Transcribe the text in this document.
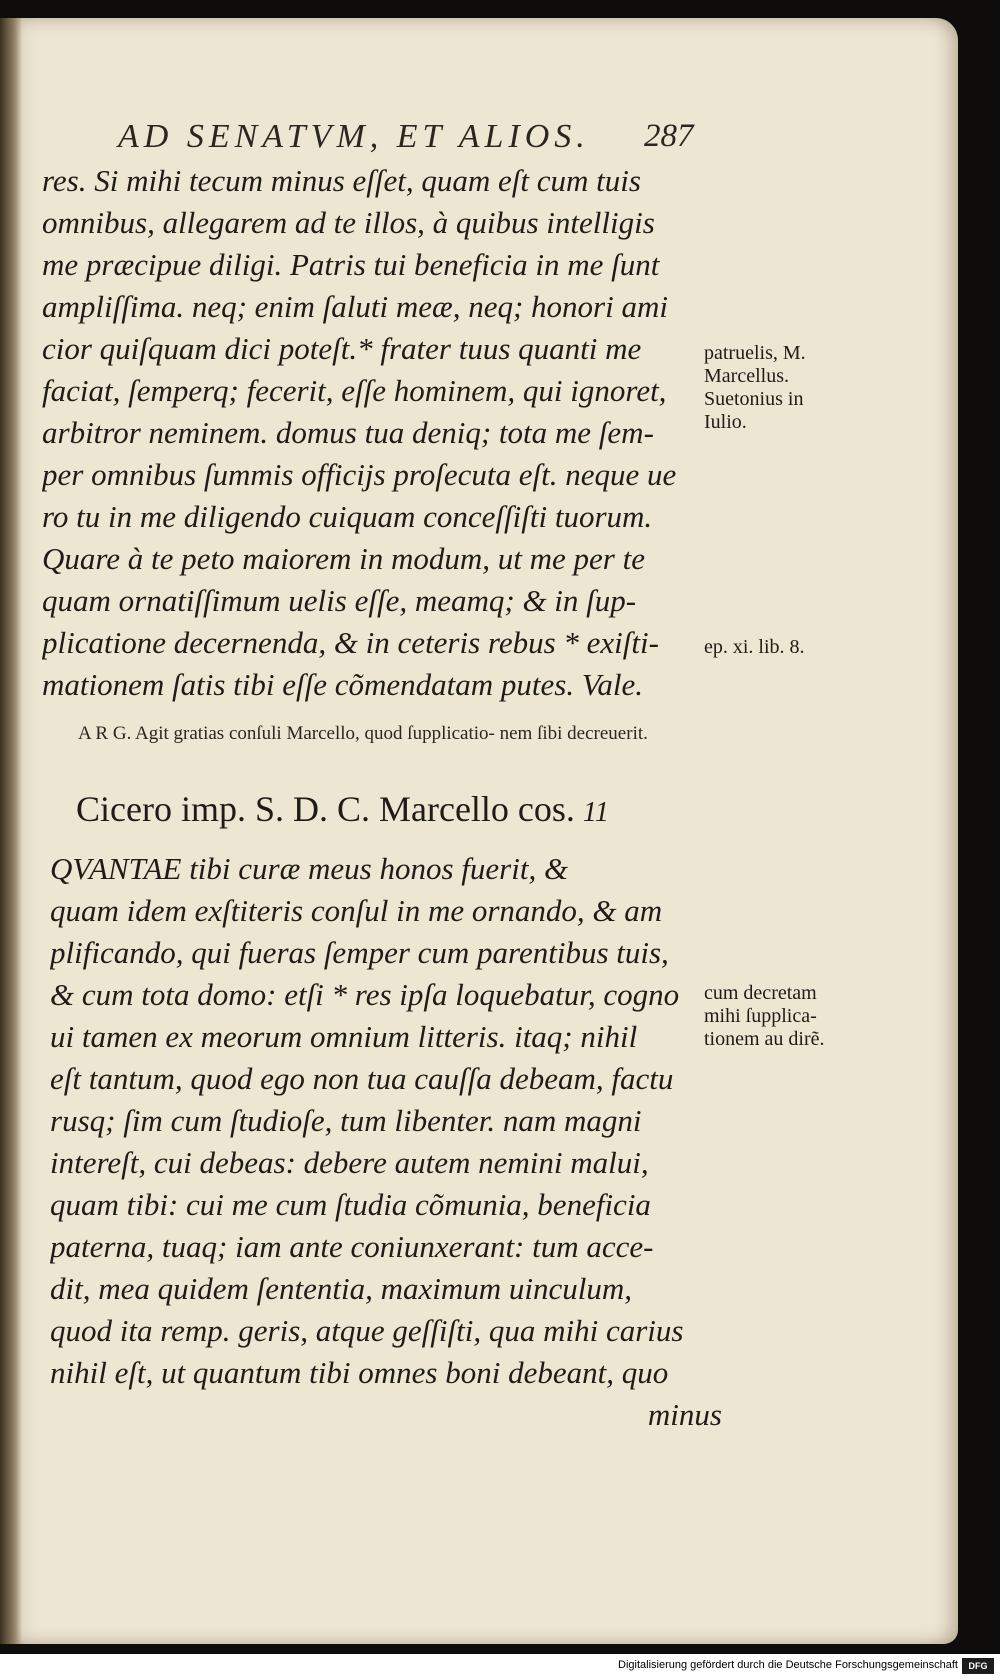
AD SENATVM, ET ALIOS.	287
res. Si mihi tecum minus eſſet, quam eſt cum tuis
omnibus, allegarem ad te illos, à quibus intelligis
me præcipue diligi. Patris tui beneficia in me ſunt
ampliſſima. neq; enim ſaluti meæ, neq; honori ami
cior quiſquam dici poteſt.* frater tuus quanti me
faciat, ſemperq; fecerit, eſſe hominem, qui ignoret,
arbitror neminem. domus tua deniq; tota me ſem-
per omnibus ſummis officijs proſecuta eſt. neque ue
ro tu in me diligendo cuiquam conceſſiſti tuorum.
Quare à te peto maiorem in modum, ut me per te
quam ornatiſſimum uelis eſſe, meamq; & in ſup-
plicatione decernenda, & in ceteris rebus * exiſti-
mationem ſatis tibi eſſe cõmendatam putes. Vale.
A R G. Agit gratias conſuli Marcello, quod ſupplicatio- nem ſibi decreuerit.
Cicero imp. S. D. C. Marcello cos. 11
QVANTAE tibi curæ meus honos fuerit, &
quam idem exſtiteris conſul in me ornando, & am
plificando, qui fueras ſemper cum parentibus tuis,
& cum tota domo: etſi * res ipſa loquebatur, cogno
ui tamen ex meorum omnium litteris. itaq; nihil
eſt tantum, quod ego non tua cauſſa debeam, factu
rusq; ſim cum ſtudioſe, tum libenter. nam magni
intereſt, cui debeas: debere autem nemini malui,
quam tibi: cui me cum ſtudia cõmunia, beneficia
paterna, tuaq; iam ante coniunxerant: tum acce-
dit, mea quidem ſententia, maximum uinculum,
quod ita remp. geris, atque geſſiſti, qua mihi carius
nihil eſt, ut quantum tibi omnes boni debeant, quo
minus
patruelis, M.
Marcellus.
Suetonius in
Iulio.
ep. xi. lib. 8.
cum decretam
mihi ſupplica-
tionem au dirẽ.
Digitalisierung gefördert durch die Deutsche Forschungsgemeinschaft	DFG
